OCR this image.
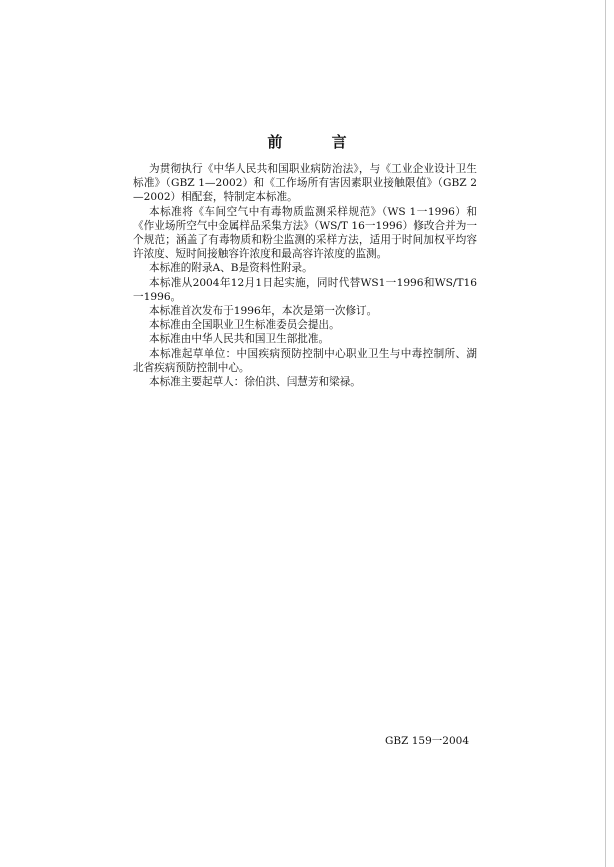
前 言

为贯彻执行《中华人民共和国职业病防治法》，与《工业企业设计卫生标准》（GBZ 1—2002）和《工作场所有害因素职业接触限值》（GBZ 2—2002）相配套，特制定本标准。

本标准将《车间空气中有毒物质监测采样规范》（WS 1一1996）和《作业场所空气中金属样品采集方法》（WS/T 16一1996）修改合并为一个规范；涵盖了有毒物质和粉尘监测的采样方法，适用于时间加权平均容许浓度、短时间接触容许浓度和最高容许浓度的监测。

本标准的附录A、B是资料性附录。

本标准从2004年12月1日起实施，同时代替WS1一1996和WS/T16一1996。

本标准首次发布于1996年，本次是第一次修订。

本标准由全国职业卫生标准委员会提出。

本标准由中华人民共和国卫生部批准。

本标准起草单位：中国疾病预防控制中心职业卫生与中毒控制所、湖北省疾病预防控制中心。

本标准主要起草人：徐伯洪、闫慧芳和梁禄。

GBZ 159一2004
